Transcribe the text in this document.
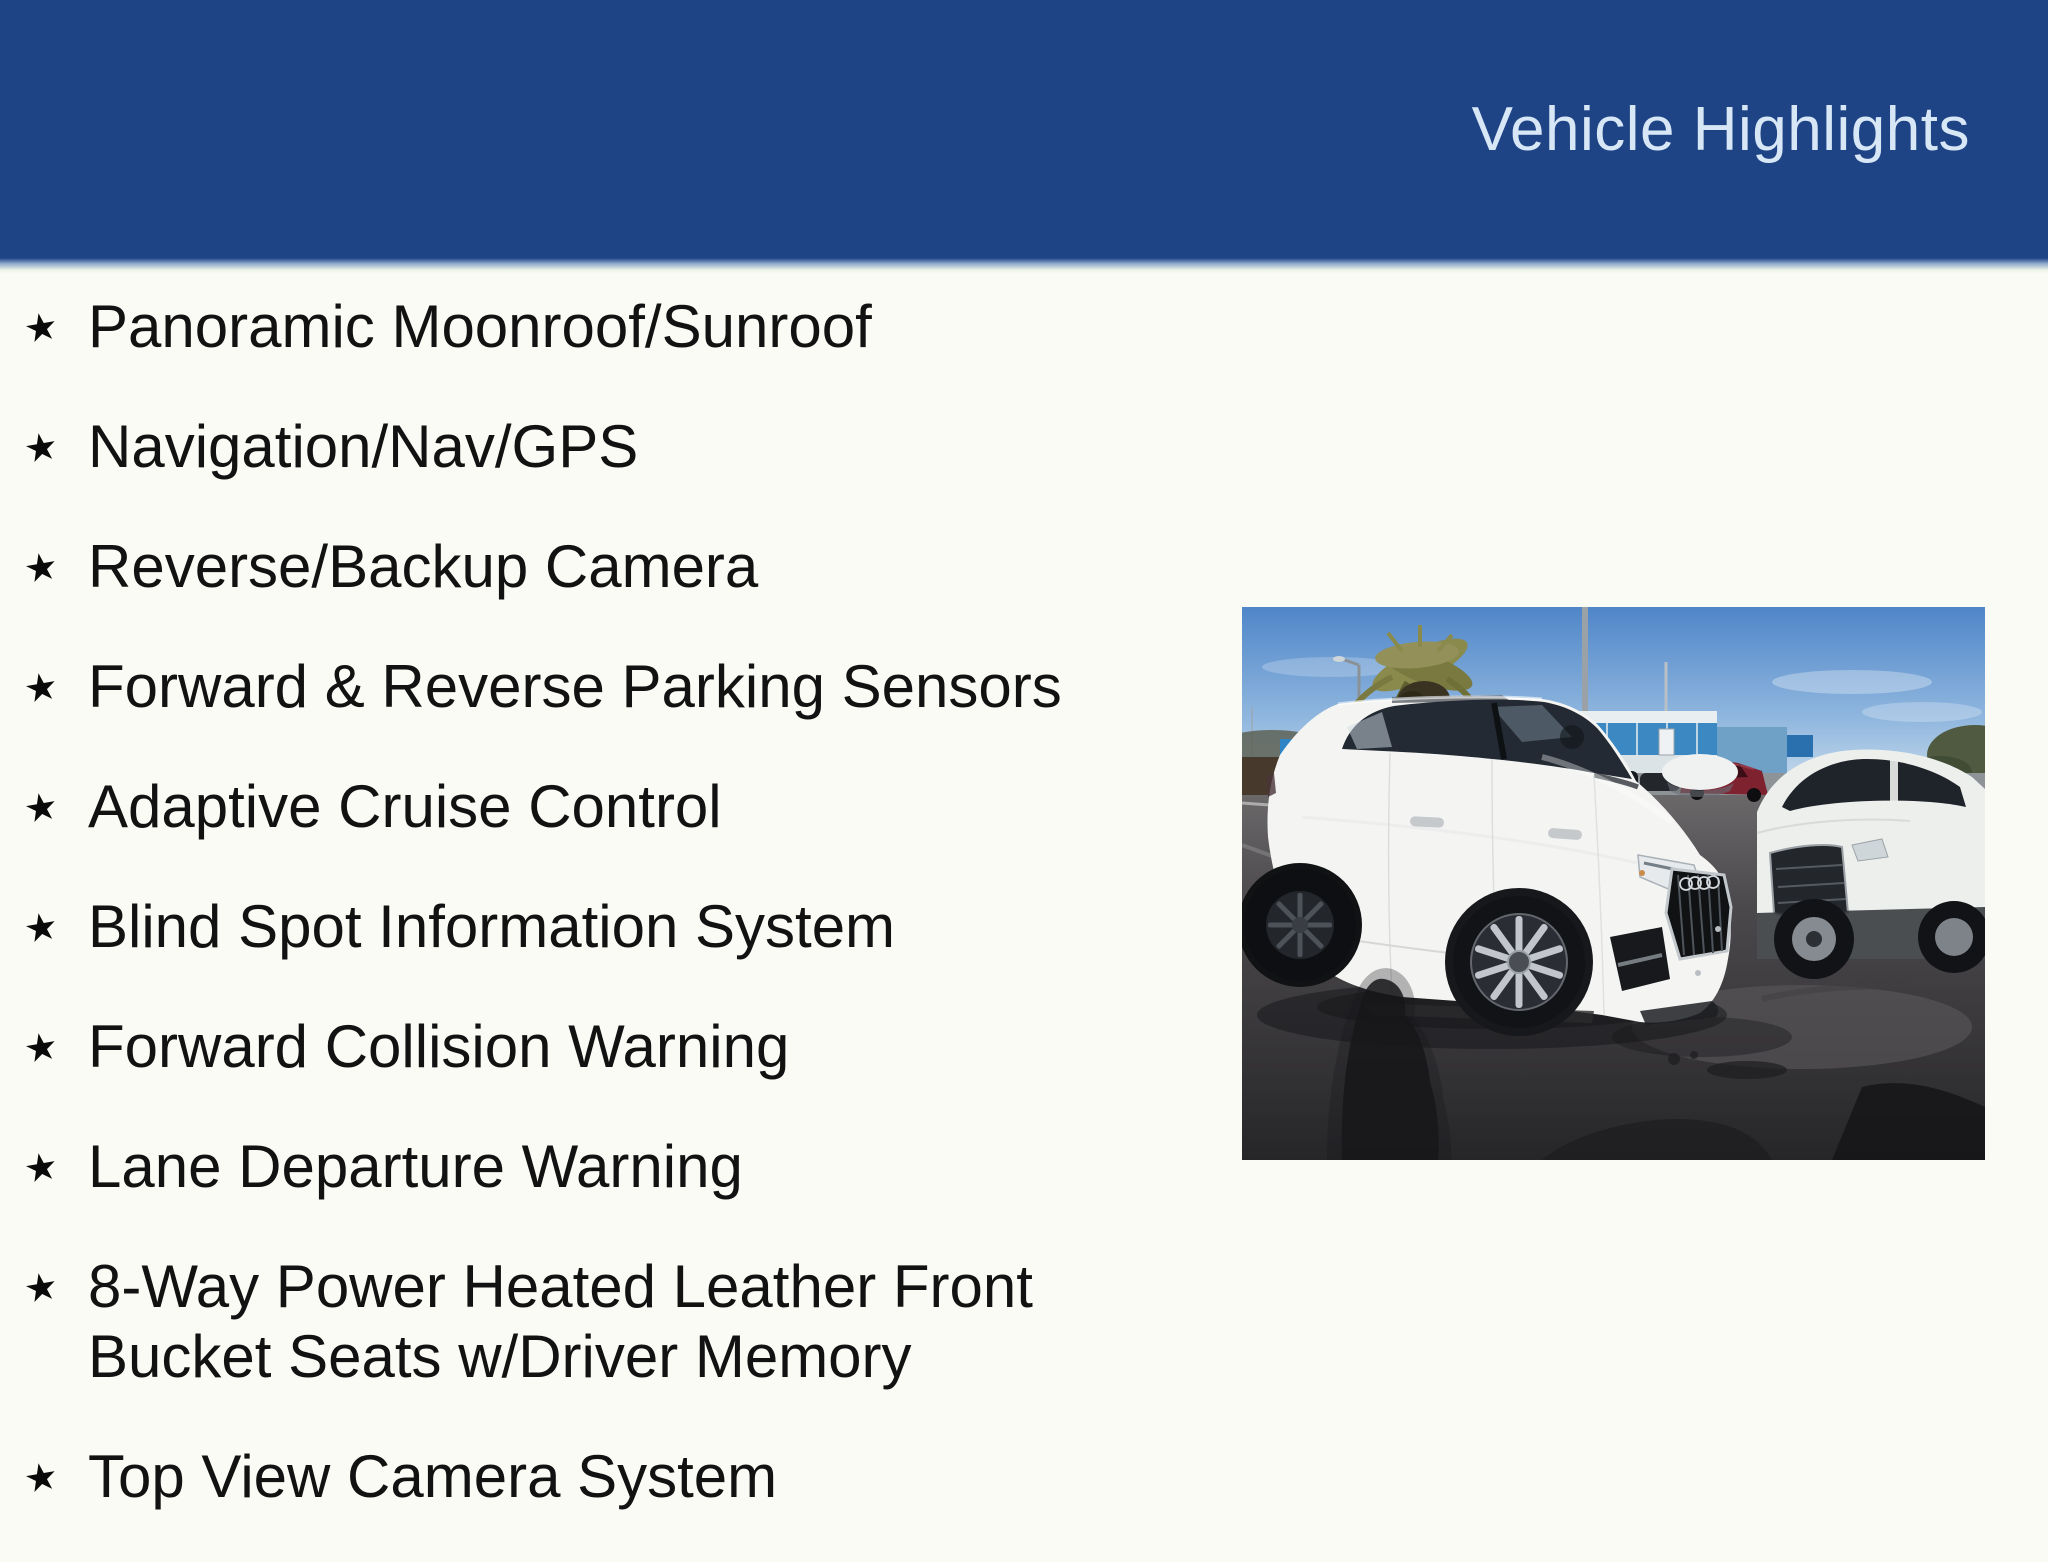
Vehicle Highlights
★ Panoramic Moonroof/Sunroof
★ Navigation/Nav/GPS
★ Reverse/Backup Camera
★ Forward & Reverse Parking Sensors
★ Adaptive Cruise Control
★ Blind Spot Information System
★ Forward Collision Warning
★ Lane Departure Warning
★ 8-Way Power Heated Leather Front Bucket Seats w/Driver Memory
★ Top View Camera System
